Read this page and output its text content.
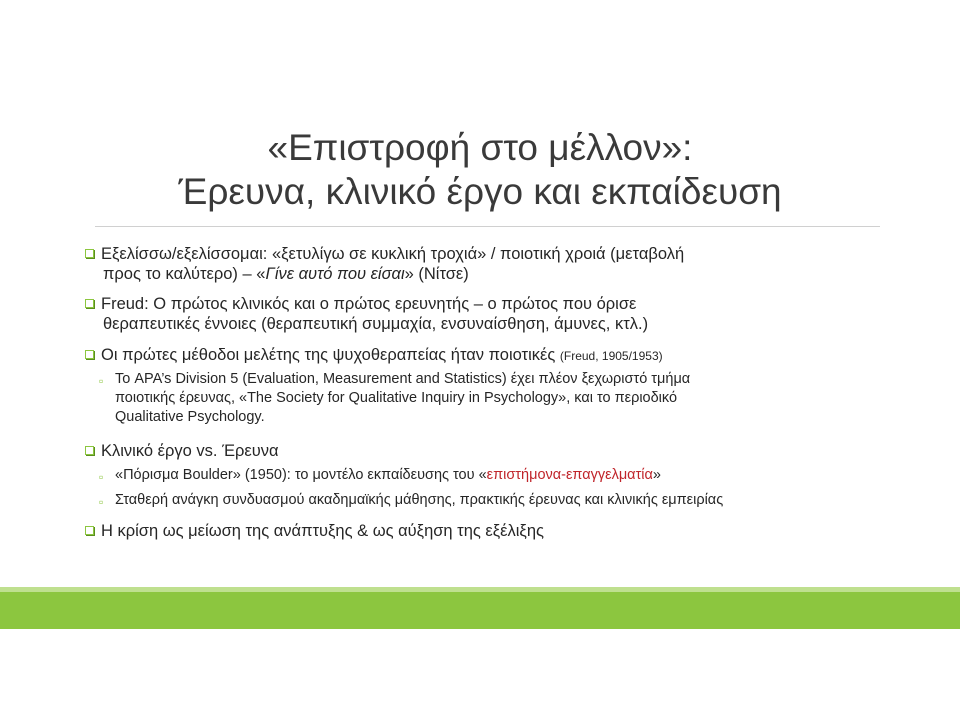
«Επιστροφή στο μέλλον»:
Έρευνα, κλινικό έργο και εκπαίδευση
Εξελίσσω/εξελίσσομαι: «ξετυλίγω σε κυκλική τροχιά» / ποιοτική χροιά (μεταβολή
προς το καλύτερο) – «Γίνε αυτό που είσαι» (Νίτσε)
Freud: Ο πρώτος κλινικός και ο πρώτος ερευνητής – ο πρώτος που όρισε
θεραπευτικές έννοιες (θεραπευτική συμμαχία, ενσυναίσθηση, άμυνες, κτλ.)
Οι πρώτες μέθοδοι μελέτης της ψυχοθεραπείας ήταν ποιοτικές (Freud, 1905/1953)
▫ Το APA’s Division 5 (Evaluation, Measurement and Statistics) έχει πλέον ξεχωριστό τμήμα
ποιοτικής έρευνας, «The Society for Qualitative Inquiry in Psychology», και το περιοδικό
Qualitative Psychology.
Κλινικό έργο vs. Έρευνα
▫ «Πόρισμα Boulder» (1950): το μοντέλο εκπαίδευσης του «επιστήμονα-επαγγελματία»
▫ Σταθερή ανάγκη συνδυασμού ακαδημαϊκής μάθησης, πρακτικής έρευνας και κλινικής εμπειρίας
Η κρίση ως μείωση της ανάπτυξης & ως αύξηση της εξέλιξης
